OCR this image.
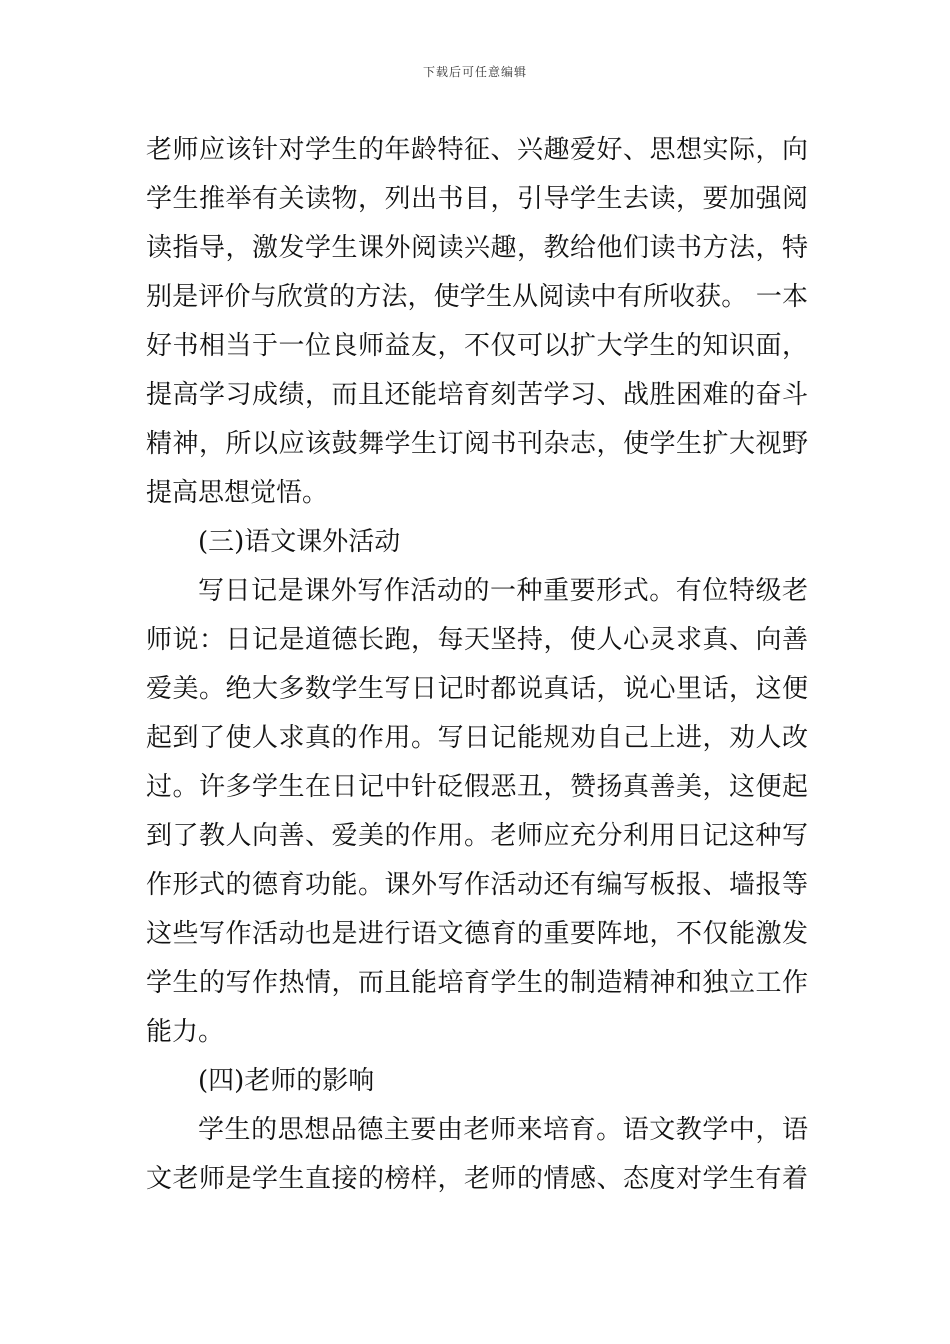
下载后可任意编辑
老师应该针对学生的年龄特征、兴趣爱好、思想实际，向
学生推举有关读物，列出书目，引导学生去读，要加强阅
读指导，激发学生课外阅读兴趣，教给他们读书方法，特
别是评价与欣赏的方法，使学生从阅读中有所收获。 一本
好书相当于一位良师益友，不仅可以扩大学生的知识面，
提高学习成绩，而且还能培育刻苦学习、战胜困难的奋斗
精神，所以应该鼓舞学生订阅书刊杂志，使学生扩大视野
提高思想觉悟。
(三)语文课外活动
写日记是课外写作活动的一种重要形式。有位特级老
师说：日记是道德长跑，每天坚持，使人心灵求真、向善
爱美。绝大多数学生写日记时都说真话，说心里话，这便
起到了使人求真的作用。写日记能规劝自己上进，劝人改
过。许多学生在日记中针砭假恶丑，赞扬真善美，这便起
到了教人向善、爱美的作用。老师应充分利用日记这种写
作形式的德育功能。课外写作活动还有编写板报、墙报等
这些写作活动也是进行语文德育的重要阵地，不仅能激发
学生的写作热情，而且能培育学生的制造精神和独立工作
能力。
(四)老师的影响
学生的思想品德主要由老师来培育。语文教学中，语
文老师是学生直接的榜样，老师的情感、态度对学生有着
